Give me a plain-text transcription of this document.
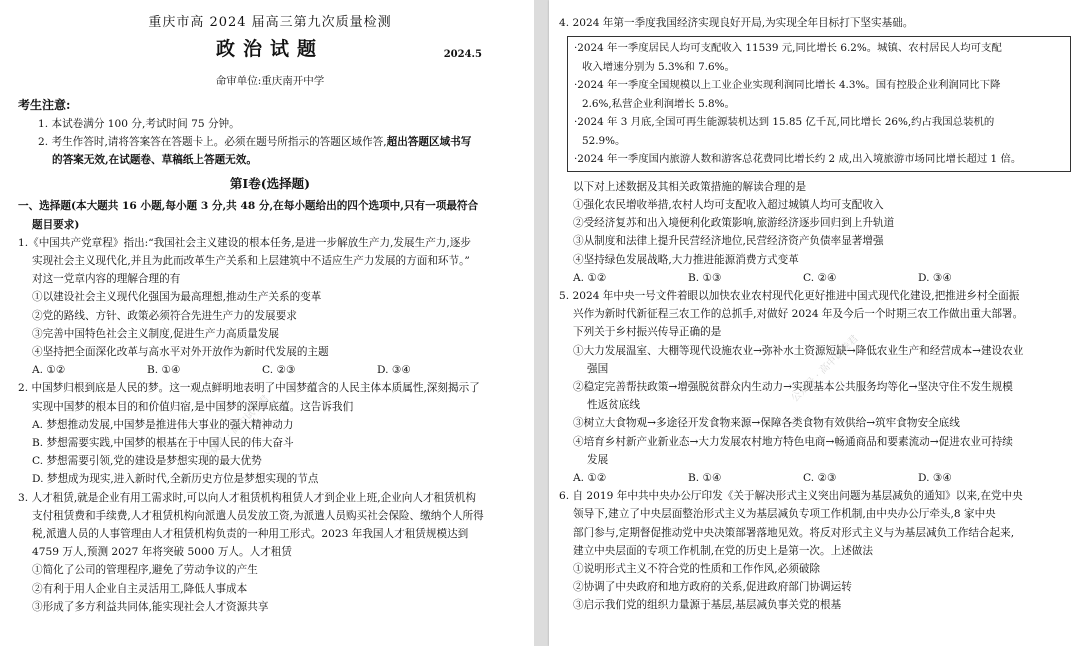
重庆市高 2024 届高三第九次质量检测
政治试题	2024.5
命审单位:重庆南开中学
考生注意:
1. 本试卷满分 100 分,考试时间 75 分钟。
2. 考生作答时,请将答案答在答题卡上。必须在题号所指示的答题区域作答,超出答题区域书写
的答案无效,在试题卷、草稿纸上答题无效。
第Ⅰ卷(选择题)
一、选择题(本大题共 16 小题,每小题 3 分,共 48 分,在每小题给出的四个选项中,只有一项最符合
题目要求)
1.《中国共产党章程》指出:“我国社会主义建设的根本任务,是进一步解放生产力,发展生产力,逐步
实现社会主义现代化,并且为此而改革生产关系和上层建筑中不适应生产力发展的方面和环节。”
对这一党章内容的理解合理的有
①以建设社会主义现代化强国为最高理想,推动生产关系的变革
②党的路线、方针、政策必须符合先进生产力的发展要求
③完善中国特色社会主义制度,促进生产力高质量发展
④坚持把全面深化改革与高水平对外开放作为新时代发展的主题
A. ①②	B. ①④	C. ②③	D. ③④
2. 中国梦归根到底是人民的梦。这一观点鲜明地表明了中国梦蕴含的人民主体本质属性,深刻揭示了
实现中国梦的根本目的和价值归宿,是中国梦的深厚底蕴。这告诉我们
A. 梦想推动发展,中国梦是推进伟大事业的强大精神动力
B. 梦想需要实践,中国梦的根基在于中国人民的伟大奋斗
C. 梦想需要引领,党的建设是梦想实现的最大优势
D. 梦想成为现实,进入新时代,全新历史方位是梦想实现的节点
3. 人才租赁,就是企业有用工需求时,可以向人才租赁机构租赁人才到企业上班,企业向人才租赁机构
支付租赁费和手续费,人才租赁机构向派遣人员发放工资,为派遣人员购买社会保险、缴纳个人所得
税,派遣人员的人事管理由人才租赁机构负责的一种用工形式。2023 年我国人才租赁规模达到
4759 万人,预测 2027 年将突破 5000 万人。人才租赁
①简化了公司的管理程序,避免了劳动争议的产生
②有利于用人企业自主灵活用工,降低人事成本
③形成了多方利益共同体,能实现社会人才资源共享
公众号 · 高中试卷君
4. 2024 年第一季度我国经济实现良好开局,为实现全年目标打下坚实基础。
·2024 年一季度居民人均可支配收入 11539 元,同比增长 6.2%。城镇、农村居民人均可支配
收入增速分别为 5.3%和 7.6%。
·2024 年一季度全国规模以上工业企业实现利润同比增长 4.3%。国有控股企业利润同比下降
2.6%,私营企业利润增长 5.8%。
·2024 年 3 月底,全国可再生能源装机达到 15.85 亿千瓦,同比增长 26%,约占我国总装机的
52.9%。
·2024 年一季度国内旅游人数和游客总花费同比增长约 2 成,出入境旅游市场同比增长超过 1 倍。
以下对上述数据及其相关政策措施的解读合理的是
①强化农民增收举措,农村人均可支配收入超过城镇人均可支配收入
②受经济复苏和出入境便利化政策影响,旅游经济逐步回归到上升轨道
③从制度和法律上提升民营经济地位,民营经济资产负债率显著增强
④坚持绿色发展战略,大力推进能源消费方式变革
A. ①②	B. ①③	C. ②④	D. ③④
5. 2024 年中央一号文件着眼以加快农业农村现代化更好推进中国式现代化建设,把推进乡村全面振
兴作为新时代新征程三农工作的总抓手,对做好 2024 年及今后一个时期三农工作做出重大部署。
下列关于乡村振兴传导正确的是
①大力发展温室、大棚等现代设施农业→弥补水土资源短缺→降低农业生产和经营成本→建设农业
强国
②稳定完善帮扶政策→增强脱贫群众内生动力→实现基本公共服务均等化→坚决守住不发生规模
性返贫底线
③树立大食物观→多途径开发食物来源→保障各类食物有效供给→筑牢食物安全底线
④培育乡村新产业新业态→大力发展农村地方特色电商→畅通商品和要素流动→促进农业可持续
发展
A. ①②	B. ①④	C. ②③	D. ③④
6. 自 2019 年中共中央办公厅印发《关于解决形式主义突出问题为基层减负的通知》以来,在党中央
领导下,建立了中央层面整治形式主义为基层减负专项工作机制,由中央办公厅牵头,8 家中央
部门参与,定期督促推动党中央决策部署落地见效。将反对形式主义与为基层减负工作结合起来,
建立中央层面的专项工作机制,在党的历史上是第一次。上述做法
①说明形式主义不符合党的性质和工作作风,必须破除
②协调了中央政府和地方政府的关系,促进政府部门协调运转
③启示我们党的组织力量源于基层,基层减负事关党的根基
公众号 · 高中试卷君
